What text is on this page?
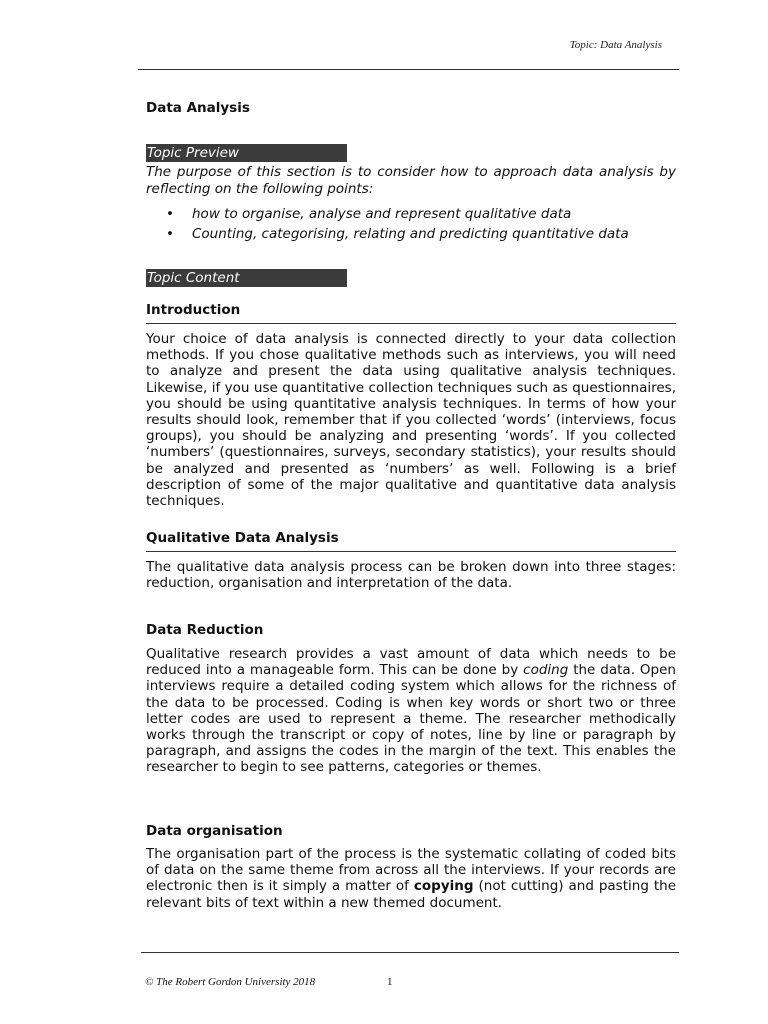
Topic: Data Analysis
Data Analysis
Topic Preview

The purpose of this section is to consider how to approach data analysis by reflecting on the following points:

• how to organise, analyse and represent qualitative data
• Counting, categorising, relating and predicting quantitative data
Topic Content
Introduction

Your choice of data analysis is connected directly to your data collection methods. If you chose qualitative methods such as interviews, you will need to analyze and present the data using qualitative analysis techniques. Likewise, if you use quantitative collection techniques such as questionnaires, you should be using quantitative analysis techniques. In terms of how your results should look, remember that if you collected ‘words’ (interviews, focus groups), you should be analyzing and presenting ‘words’. If you collected ‘numbers’ (questionnaires, surveys, secondary statistics), your results should be analyzed and presented as ‘numbers’ as well. Following is a brief description of some of the major qualitative and quantitative data analysis techniques.

Qualitative Data Analysis

The qualitative data analysis process can be broken down into three stages: reduction, organisation and interpretation of the data.

Data Reduction

Qualitative research provides a vast amount of data which needs to be reduced into a manageable form. This can be done by coding the data. Open interviews require a detailed coding system which allows for the richness of the data to be processed. Coding is when key words or short two or three letter codes are used to represent a theme. The researcher methodically works through the transcript or copy of notes, line by line or paragraph by paragraph, and assigns the codes in the margin of the text. This enables the researcher to begin to see patterns, categories or themes.

Data organisation

The organisation part of the process is the systematic collating of coded bits of data on the same theme from across all the interviews. If your records are electronic then is it simply a matter of copying (not cutting) and pasting the relevant bits of text within a new themed document.

© The Robert Gordon University 2018	1
